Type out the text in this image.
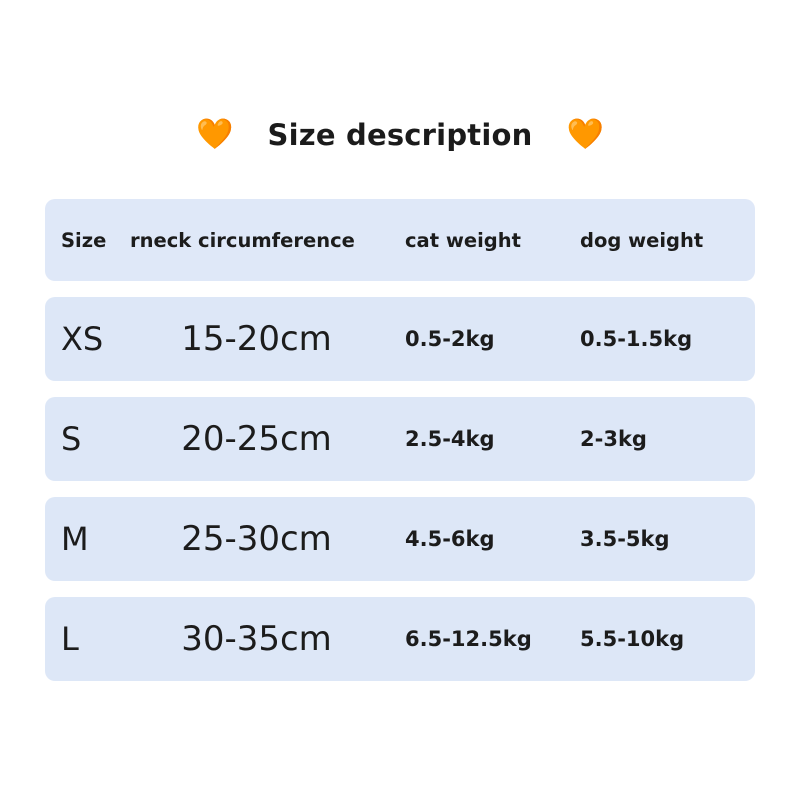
🧡 Size description 🧡
Size	rneck circumference	cat weight	dog weight
XS	15-20cm	0.5-2kg	0.5-1.5kg
S	20-25cm	2.5-4kg	2-3kg
M	25-30cm	4.5-6kg	3.5-5kg
L	30-35cm	6.5-12.5kg	5.5-10kg
